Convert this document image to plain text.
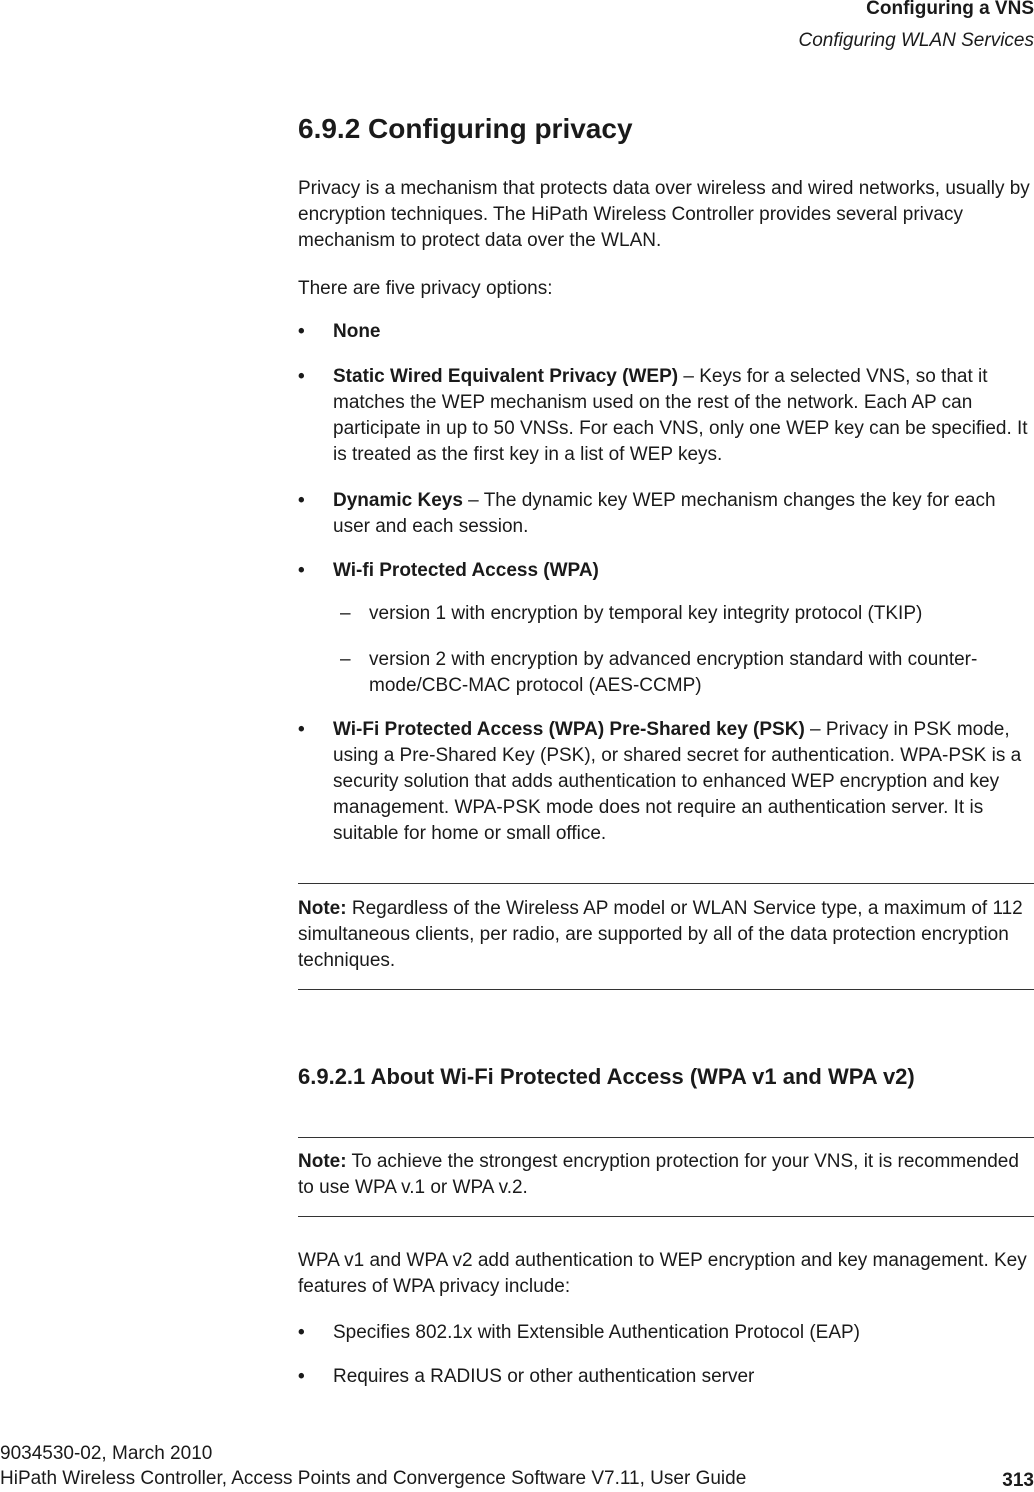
Configuring a VNS
Configuring WLAN Services
6.9.2 Configuring privacy
Privacy is a mechanism that protects data over wireless and wired networks, usually by encryption techniques. The HiPath Wireless Controller provides several privacy mechanism to protect data over the WLAN.
There are five privacy options:
• None
• Static Wired Equivalent Privacy (WEP) – Keys for a selected VNS, so that it matches the WEP mechanism used on the rest of the network. Each AP can participate in up to 50 VNSs. For each VNS, only one WEP key can be specified. It is treated as the first key in a list of WEP keys.
• Dynamic Keys – The dynamic key WEP mechanism changes the key for each user and each session.
• Wi-fi Protected Access (WPA)
– version 1 with encryption by temporal key integrity protocol (TKIP)
– version 2 with encryption by advanced encryption standard with counter-mode/CBC-MAC protocol (AES-CCMP)
• Wi-Fi Protected Access (WPA) Pre-Shared key (PSK) – Privacy in PSK mode, using a Pre-Shared Key (PSK), or shared secret for authentication. WPA-PSK is a security solution that adds authentication to enhanced WEP encryption and key management. WPA-PSK mode does not require an authentication server. It is suitable for home or small office.
Note: Regardless of the Wireless AP model or WLAN Service type, a maximum of 112 simultaneous clients, per radio, are supported by all of the data protection encryption techniques.
6.9.2.1 About Wi-Fi Protected Access (WPA v1 and WPA v2)
Note: To achieve the strongest encryption protection for your VNS, it is recommended to use WPA v.1 or WPA v.2.
WPA v1 and WPA v2 add authentication to WEP encryption and key management. Key features of WPA privacy include:
• Specifies 802.1x with Extensible Authentication Protocol (EAP)
• Requires a RADIUS or other authentication server
9034530-02, March 2010
HiPath Wireless Controller, Access Points and Convergence Software V7.11, User Guide	313
